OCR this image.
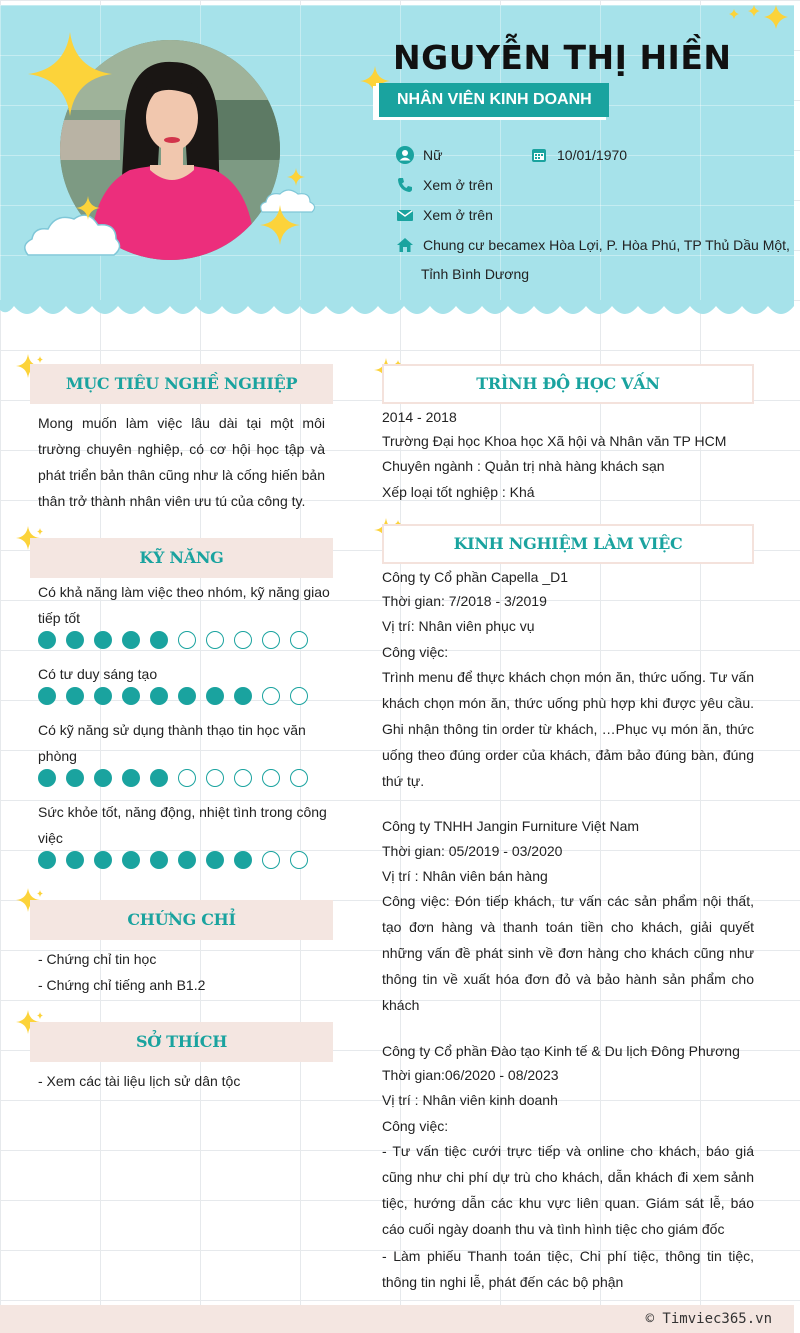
NGUYỄN THỊ HIỀN
NHÂN VIÊN KINH DOANH
Nữ	10/01/1970
Xem ở trên
Xem ở trên
Chung cư becamex Hòa Lợi, P. Hòa Phú, TP Thủ Dầu Một,
Tỉnh Bình Dương
MỤC TIÊU NGHỀ NGHIỆP
Mong muốn làm việc lâu dài tại một môi trường chuyên nghiệp, có cơ hội học tập và phát triển bản thân cũng như là cống hiến bản thân trở thành nhân viên ưu tú của công ty.
KỸ NĂNG
Có khả năng làm việc theo nhóm, kỹ năng giao
tiếp tốt
Có tư duy sáng tạo
Có kỹ năng sử dụng thành thạo tin học văn
phòng
Sức khỏe tốt, năng động, nhiệt tình trong công
việc
CHỨNG CHỈ
- Chứng chỉ tin học
- Chứng chỉ tiếng anh B1.2
SỞ THÍCH
- Xem các tài liệu lịch sử dân tộc
TRÌNH ĐỘ HỌC VẤN
2014 - 2018
Trường Đại học Khoa học Xã hội và Nhân văn TP HCM
Chuyên ngành : Quản trị nhà hàng khách sạn
Xếp loại tốt nghiệp : Khá
KINH NGHIỆM LÀM VIỆC
Công ty Cổ phần Capella _D1
Thời gian: 7/2018 - 3/2019
Vị trí: Nhân viên phục vụ
Công việc:
Trình menu để thực khách chọn món ăn, thức uống. Tư vấn khách chọn món ăn, thức uống phù hợp khi được yêu cầu. Ghi nhận thông tin order từ khách, …Phục vụ món ăn, thức uống theo đúng order của khách, đảm bảo đúng bàn, đúng thứ tự.
Công ty TNHH Jangin Furniture Việt Nam
Thời gian: 05/2019 - 03/2020
Vị trí : Nhân viên bán hàng
Công việc: Đón tiếp khách, tư vấn các sản phẩm nội thất, tạo đơn hàng và thanh toán tiền cho khách, giải quyết những vấn đề phát sinh về đơn hàng cho khách cũng như thông tin về xuất hóa đơn đỏ và bảo hành sản phẩm cho khách
Công ty Cổ phần Đào tạo Kinh tế & Du lịch Đông Phương
Thời gian:06/2020 - 08/2023
Vị trí : Nhân viên kinh doanh
Công việc:
- Tư vấn tiệc cưới trực tiếp và online cho khách, báo giá cũng như chi phí dự trù cho khách, dẫn khách đi xem sảnh tiệc, hướng dẫn các khu vực liên quan. Giám sát lễ, báo cáo cuối ngày doanh thu và tình hình tiệc cho giám đốc
- Làm phiếu Thanh toán tiệc, Chi phí tiệc, thông tin tiệc, thông tin nghi lễ, phát đến các bộ phận
© Timviec365.vn
